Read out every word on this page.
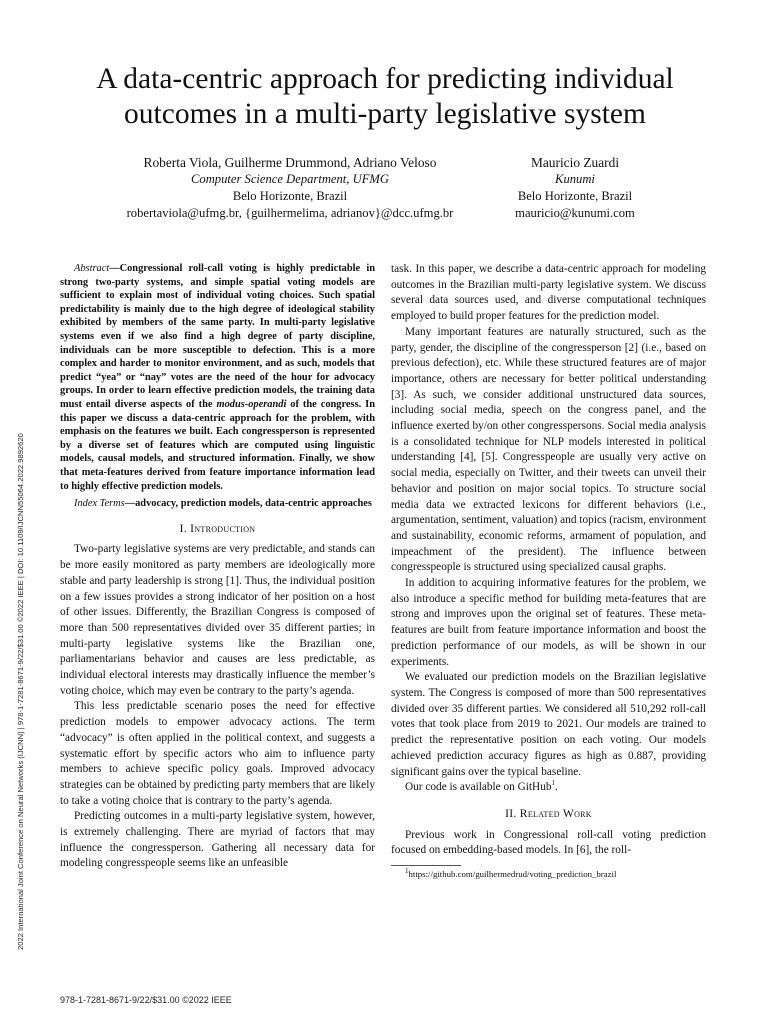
2022 International Joint Conference on Neural Networks (IJCNN) | 978-1-7281-8671-9/22/$31.00 ©2022 IEEE | DOI: 10.1109/IJCNN55064.2022.9892620
A data-centric approach for predicting individual outcomes in a multi-party legislative system
Roberta Viola, Guilherme Drummond, Adriano Veloso
Computer Science Department, UFMG
Belo Horizonte, Brazil
robertaviola@ufmg.br, {guilhermelima, adrianov}@dcc.ufmg.br
Mauricio Zuardi
Kunumi
Belo Horizonte, Brazil
mauricio@kunumi.com

Abstract—Congressional roll-call voting is highly predictable in strong two-party systems, and simple spatial voting models are sufficient to explain most of individual voting choices. Such spatial predictability is mainly due to the high degree of ideological stability exhibited by members of the same party. In multi-party legislative systems even if we also find a high degree of party discipline, individuals can be more susceptible to defection. This is a more complex and harder to monitor environment, and as such, models that predict “yea” or “nay” votes are the need of the hour for advocacy groups. In order to learn effective prediction models, the training data must entail diverse aspects of the modus-operandi of the congress. In this paper we discuss a data-centric approach for the problem, with emphasis on the features we built. Each congressperson is represented by a diverse set of features which are computed using linguistic models, causal models, and structured information. Finally, we show that meta-features derived from feature importance information lead to highly effective prediction models.

Index Terms—advocacy, prediction models, data-centric approaches

I. Introduction

Two-party legislative systems are very predictable, and stands can be more easily monitored as party members are ideologically more stable and party leadership is strong [1]. Thus, the individual position on a few issues provides a strong indicator of her position on a host of other issues. Differently, the Brazilian Congress is composed of more than 500 representatives divided over 35 different parties; in multi-party legislative systems like the Brazilian one, parliamentarians behavior and causes are less predictable, as individual electoral interests may drastically influence the member’s voting choice, which may even be contrary to the party’s agenda.

This less predictable scenario poses the need for effective prediction models to empower advocacy actions. The term “advocacy” is often applied in the political context, and suggests a systematic effort by specific actors who aim to influence party members to achieve specific policy goals. Improved advocacy strategies can be obtained by predicting party members that are likely to take a voting choice that is contrary to the party’s agenda.

Predicting outcomes in a multi-party legislative system, however, is extremely challenging. There are myriad of factors that may influence the congressperson. Gathering all necessary data for modeling congresspeople seems like an unfeasible

task. In this paper, we describe a data-centric approach for modeling outcomes in the Brazilian multi-party legislative system. We discuss several data sources used, and diverse computational techniques employed to build proper features for the prediction model.

Many important features are naturally structured, such as the party, gender, the discipline of the congressperson [2] (i.e., based on previous defection), etc. While these structured features are of major importance, others are necessary for better political understanding [3]. As such, we consider additional unstructured data sources, including social media, speech on the congress panel, and the influence exerted by/on other congresspersons. Social media analysis is a consolidated technique for NLP models interested in political understanding [4], [5]. Congresspeople are usually very active on social media, especially on Twitter, and their tweets can unveil their behavior and position on major social topics. To structure social media data we extracted lexicons for different behaviors (i.e., argumentation, sentiment, valuation) and topics (racism, environment and sustainability, economic reforms, armament of population, and impeachment of the president). The influence between congresspeople is structured using specialized causal graphs.

In addition to acquiring informative features for the problem, we also introduce a specific method for building meta-features that are strong and improves upon the original set of features. These meta-features are built from feature importance information and boost the prediction performance of our models, as will be shown in our experiments.

We evaluated our prediction models on the Brazilian legislative system. The Congress is composed of more than 500 representatives divided over 35 different parties. We considered all 510,292 roll-call votes that took place from 2019 to 2021. Our models are trained to predict the representative position on each voting. Our models achieved prediction accuracy figures as high as 0.887, providing significant gains over the typical baseline.

Our code is available on GitHub$^1$.

II. Related Work

Previous work in Congressional roll-call voting prediction focused on embedding-based models. In [6], the roll-

$^1$https://github.com/guilhermedrud/voting_prediction_brazil

978-1-7281-8671-9/22/$31.00 ©2022 IEEE
